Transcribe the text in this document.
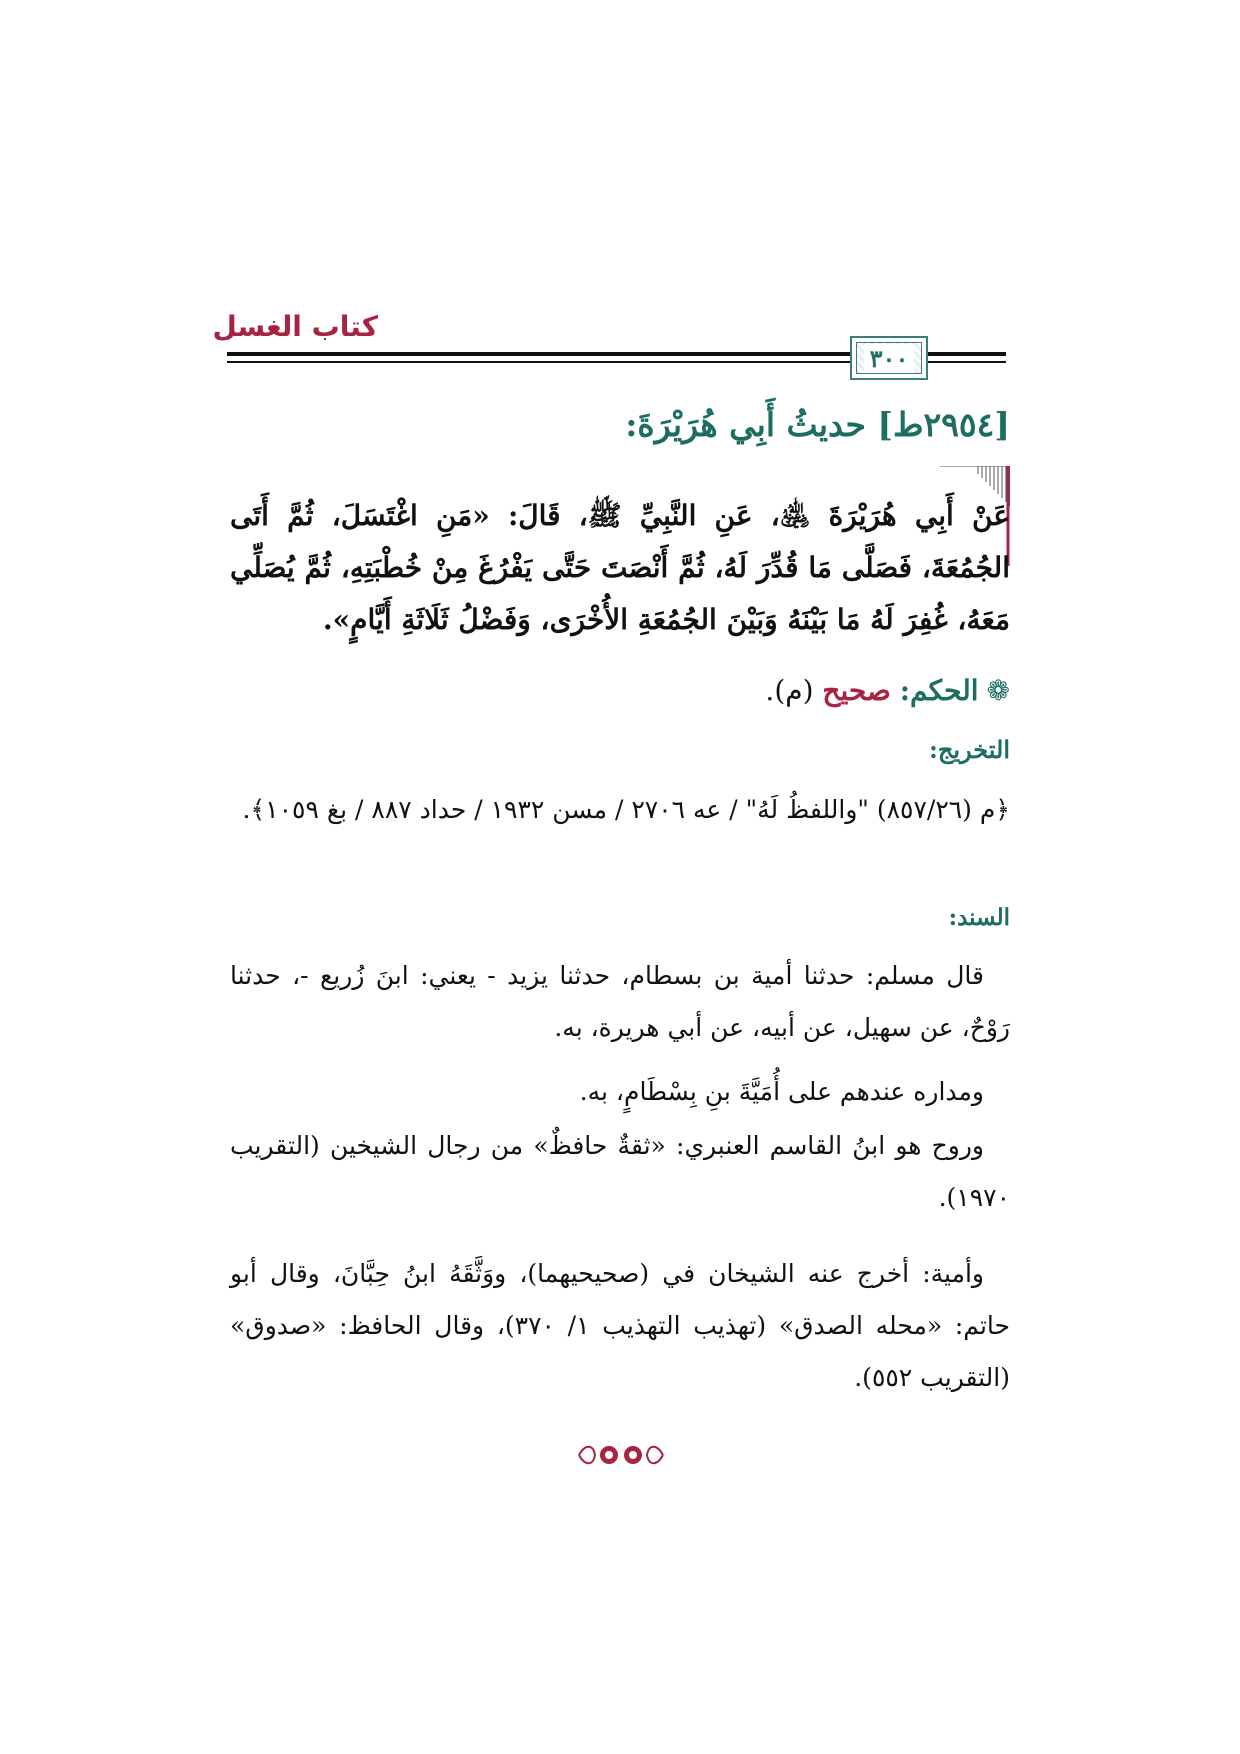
كتاب الغسل
٣٠٠
[٢٩٥٤ط] حديثُ أَبِي هُرَيْرَةَ:
عَنْ أَبِي هُرَيْرَةَ ﵁، عَنِ النَّبِيِّ ﷺ، قَالَ: «مَنِ اغْتَسَلَ، ثُمَّ أَتَى الجُمُعَةَ، فَصَلَّى مَا قُدِّرَ لَهُ، ثُمَّ أَنْصَتَ حَتَّى يَفْرُغَ مِنْ خُطْبَتِهِ، ثُمَّ يُصَلِّي مَعَهُ، غُفِرَ لَهُ مَا بَيْنَهُ وَبَيْنَ الجُمُعَةِ الأُخْرَى، وَفَضْلُ ثَلَاثَةِ أَيَّامٍ».
❁الحكم: صحيح (م).
التخريج:
﴿م (٨٥٧/٢٦) "واللفظُ لَهُ" / عه ٢٧٠٦ / مسن ١٩٣٢ / حداد ٨٨٧ / بغ ١٠٥٩﴾.
السند:
قال مسلم: حدثنا أمية بن بسطام، حدثنا يزيد - يعني: ابنَ زُريع -، حدثنا رَوْحٌ، عن سهيل، عن أبيه، عن أبي هريرة، به.
ومداره عندهم على أُمَيَّةَ بنِ بِسْطَامٍ، به.
وروح هو ابنُ القاسم العنبري: «ثقةٌ حافظٌ» من رجال الشيخين (التقريب ١٩٧٠).
وأمية: أخرج عنه الشيخان في (صحيحيهما)، ووَثَّقَهُ ابنُ حِبَّانَ، وقال أبو حاتم: «محله الصدق» (تهذيب التهذيب ١/ ٣٧٠)، وقال الحافظ: «صدوق» (التقريب ٥٥٢).
